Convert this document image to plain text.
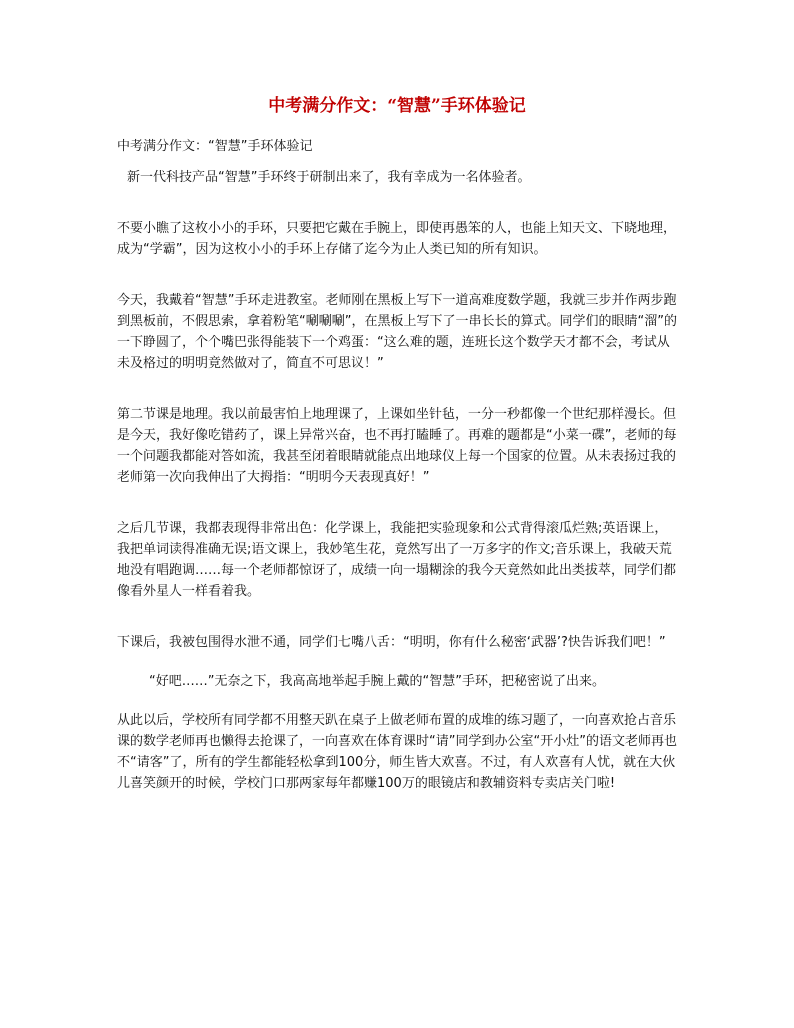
中考满分作文：“智慧”手环体验记

中考满分作文：“智慧”手环体验记

新一代科技产品“智慧”手环终于研制出来了，我有幸成为一名体验者。

不要小瞧了这枚小小的手环，只要把它戴在手腕上，即使再愚笨的人，也能上知天文、下晓地理，成为“学霸”，因为这枚小小的手环上存储了迄今为止人类已知的所有知识。

今天，我戴着“智慧”手环走进教室。老师刚在黑板上写下一道高难度数学题，我就三步并作两步跑到黑板前，不假思索，拿着粉笔“唰唰唰”，在黑板上写下了一串长长的算式。同学们的眼睛“溜”的一下睁圆了，个个嘴巴张得能装下一个鸡蛋：“这么难的题，连班长这个数学天才都不会，考试从未及格过的明明竟然做对了，简直不可思议！”

第二节课是地理。我以前最害怕上地理课了，上课如坐针毡，一分一秒都像一个世纪那样漫长。但是今天，我好像吃错药了，课上异常兴奋，也不再打瞌睡了。再难的题都是“小菜一碟”，老师的每一个问题我都能对答如流，我甚至闭着眼睛就能点出地球仪上每一个国家的位置。从未表扬过我的老师第一次向我伸出了大拇指：“明明今天表现真好！”

之后几节课，我都表现得非常出色：化学课上，我能把实验现象和公式背得滚瓜烂熟;英语课上，我把单词读得准确无误;语文课上，我妙笔生花，竟然写出了一万多字的作文;音乐课上，我破天荒地没有唱跑调……每一个老师都惊讶了，成绩一向一塌糊涂的我今天竟然如此出类拔萃，同学们都像看外星人一样看着我。

下课后，我被包围得水泄不通，同学们七嘴八舌：“明明，你有什么秘密‘武器’?快告诉我们吧！”

“好吧……”无奈之下，我高高地举起手腕上戴的“智慧”手环，把秘密说了出来。

从此以后，学校所有同学都不用整天趴在桌子上做老师布置的成堆的练习题了，一向喜欢抢占音乐课的数学老师再也懒得去抢课了，一向喜欢在体育课时“请”同学到办公室“开小灶”的语文老师再也不“请客”了，所有的学生都能轻松拿到100分，师生皆大欢喜。不过，有人欢喜有人忧，就在大伙儿喜笑颜开的时候，学校门口那两家每年都赚100万的眼镜店和教辅资料专卖店关门啦!
